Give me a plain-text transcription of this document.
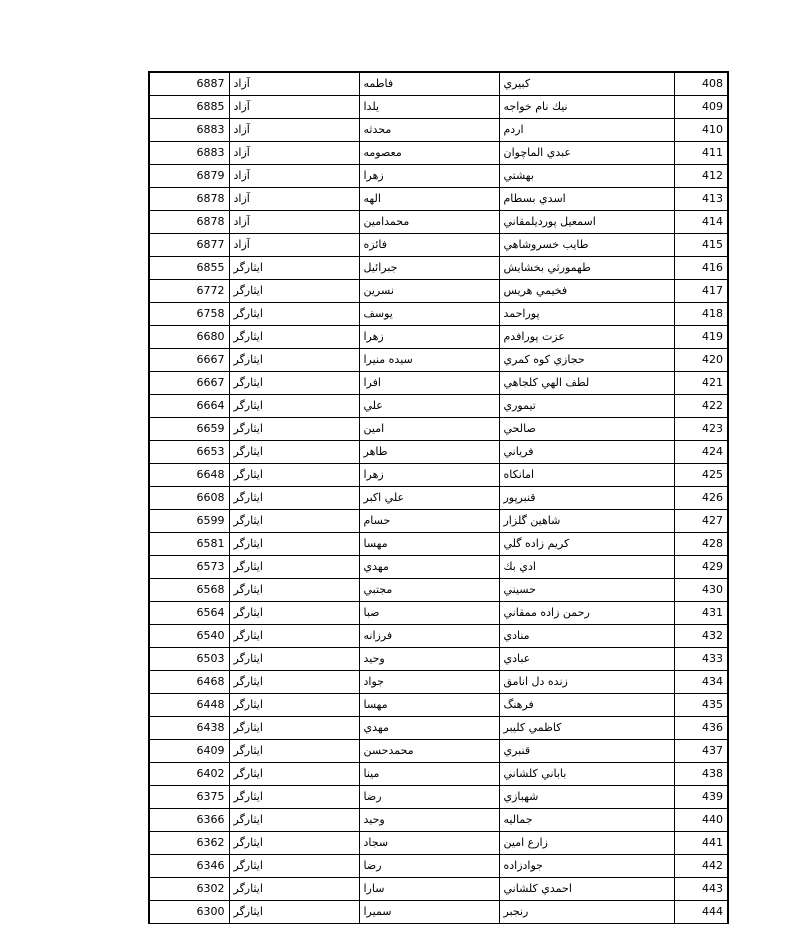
6887	آزاد	فاطمه	كبيري	408
6885	آزاد	يلدا	نيك نام خواجه	409
6883	آزاد	محدثه	اردم	410
6883	آزاد	معصومه	عبدي الماچوان	411
6879	آزاد	زهرا	بهشتي	412
6878	آزاد	الهه	اسدي بسطام	413
6878	آزاد	محمدامين	اسمعيل پورديلمقاني	414
6877	آزاد	فائزه	طايب خسروشاهي	415
6855	ايثارگر	جبرائيل	طهمورثي بخشايش	416
6772	ايثارگر	نسرين	فخيمي هريس	417
6758	ايثارگر	يوسف	پوراحمد	418
6680	ايثارگر	زهرا	عزت پورافدم	419
6667	ايثارگر	سيده منيرا	حجازي كوه كمري	420
6667	ايثارگر	افرا	لطف الهي كلجاهي	421
6664	ايثارگر	علي	تيموري	422
6659	ايثارگر	امين	صالحي	423
6653	ايثارگر	طاهر	فرياني	424
6648	ايثارگر	زهرا	امانكاه	425
6608	ايثارگر	علي اكبر	قنبرپور	426
6599	ايثارگر	حسام	شاهين گلزار	427
6581	ايثارگر	مهسا	كريم زاده گلي	428
6573	ايثارگر	مهدي	ادي بك	429
6568	ايثارگر	مجتبي	حسيني	430
6564	ايثارگر	صبا	رحمن زاده ممقاني	431
6540	ايثارگر	فرزانه	منادي	432
6503	ايثارگر	وحيد	عبادي	433
6468	ايثارگر	جواد	زنده دل انامق	434
6448	ايثارگر	مهسا	فرهنگ	435
6438	ايثارگر	مهدي	كاظمي كليبر	436
6409	ايثارگر	محمدحسن	قنبري	437
6402	ايثارگر	مينا	باباني كلشاني	438
6375	ايثارگر	رضا	شهبازي	439
6366	ايثارگر	وحيد	جماليه	440
6362	ايثارگر	سجاد	زارع امين	441
6346	ايثارگر	رضا	جوادزاده	442
6302	ايثارگر	سارا	احمدي كلشاني	443
6300	ايثارگر	سميرا	رنجبر	444
